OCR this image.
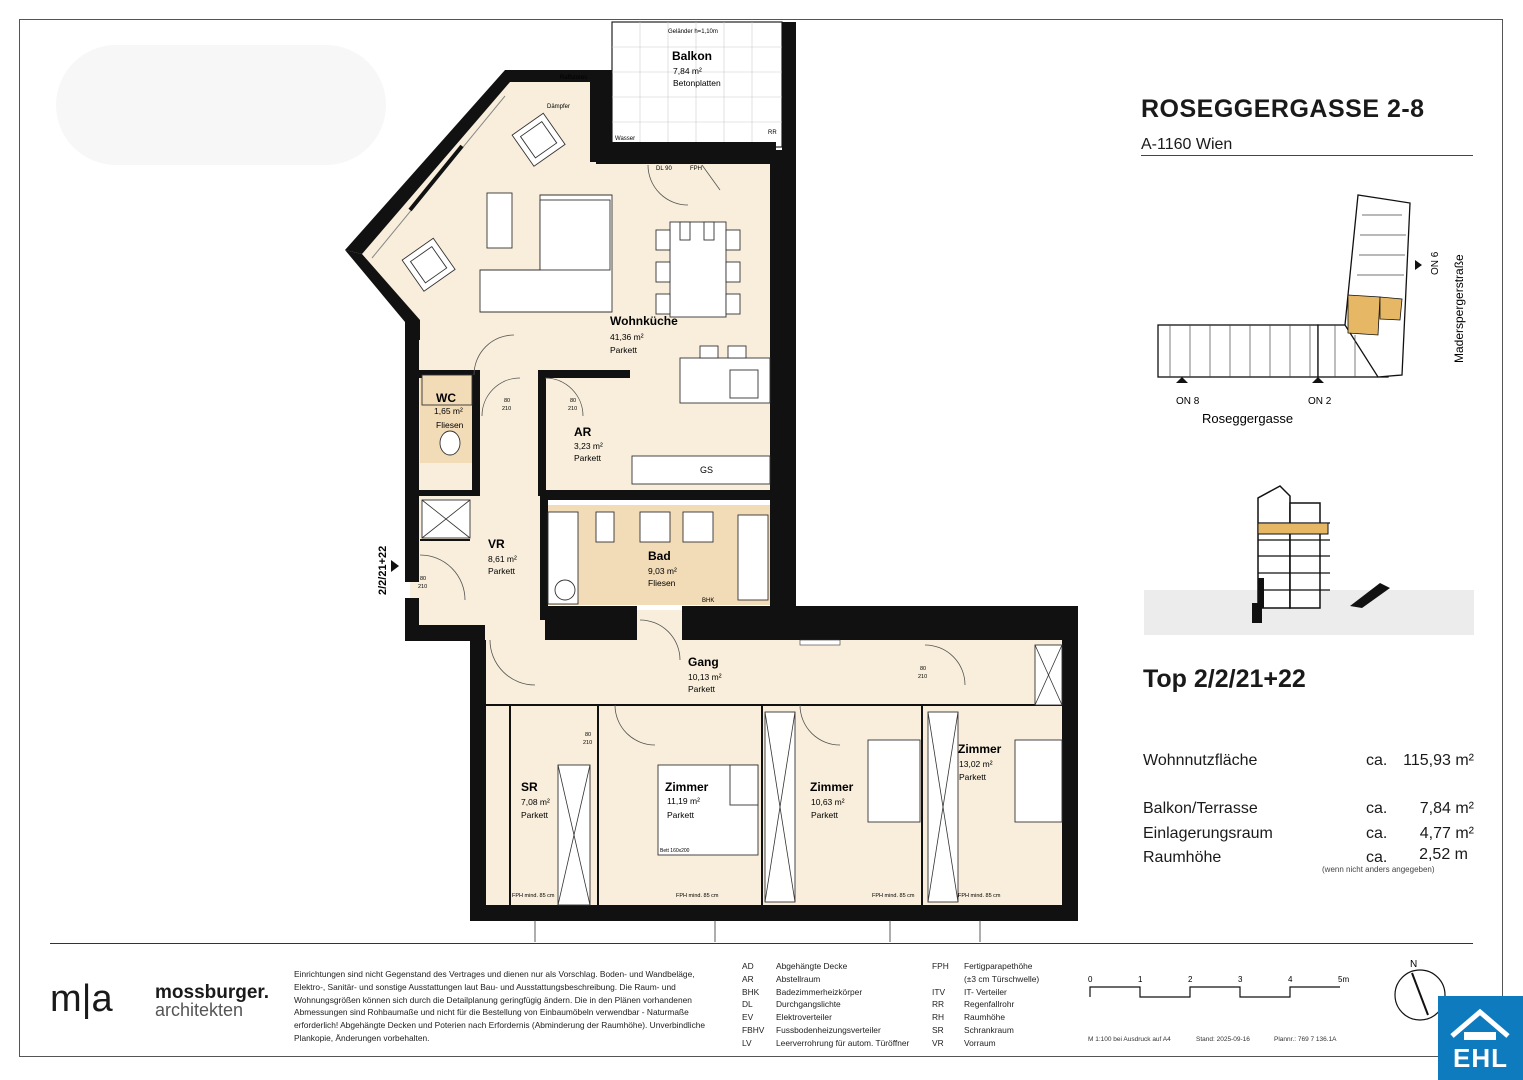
GS
BHK
Wasser
DL 90	FPH
RR
Raffstores
Dämpfer
Geländer h=1,10m
FPH mind. 85 cm	FPH mind. 85 cm	FPH mind. 85 cm	FPH mind. 85 cm
Bett 160x200
80
210
80
210
80
210
80
210
80
210
2/2/21+22
Balkon
7,84 m²
Betonplatten
Wohnküche
41,36 m²
Parkett
WC
1,65 m²
Fliesen	AR
3,23 m²
Parkett
VR
8,61 m²
Parkett
Bad
9,03 m²
Fliesen
Gang
10,13 m²
Parkett
SR
7,08 m²
Parkett
Zimmer
11,19 m²
Parkett
Zimmer
10,63 m²
Parkett
Zimmer
13,02 m²
Parkett
ROSEGGERGASSE 2-8
A-1160 Wien
ON 8	ON 2
ON 6
Roseggergasse
Maderspergerstraße
Top 2/2/21+22
Wohnnutzfläche	ca. 115,93 m²
Balkon/Terrasse	ca.	7,84 m²
Einlagerungsraum	ca.	4,77 m²
Raumhöhe	ca.	2,52 m
(wenn nicht anders angegeben)
m|a mossburger.
architekten
Einrichtungen sind nicht Gegenstand des Vertrages und dienen nur als Vorschlag. Boden- und Wandbeläge, Elektro-, Sanitär- und sonstige Ausstattungen laut Bau- und Ausstattungsbeschreibung. Die Raum- und Wohnungsgrößen können sich durch die Detailplanung geringfügig ändern. Die in den Plänen vorhandenen Abmessungen sind Rohbaumaße und nicht für die Bestellung von Einbaumöbeln verwendbar - Naturmaße erforderlich! Abgehängte Decken und Poterien nach Erfordernis (Abminderung der Raumhöhe). Unverbindliche Plankopie, Änderungen vorbehalten.
AD	Abgehängte Decke
AR	Abstellraum
BHK Badezimmerheizkörper
DL	Durchgangslichte
EV	Elektroverteiler
FBHV Fussbodenheizungsverteiler
LV	Leerverrohrung für autom. Türöffner
FPH Fertigparapethöhe
(±3 cm Türschwelle)
ITV IT- Verteiler
RR Regenfallrohr
RH Raumhöhe
SR Schrankraum
VR Vorraum
0	1	2	3	4	5m
M 1:100 bei Ausdruck auf A4	Stand: 2025-09-16	Plannr.: 769 7 136.1A
N
EHL
